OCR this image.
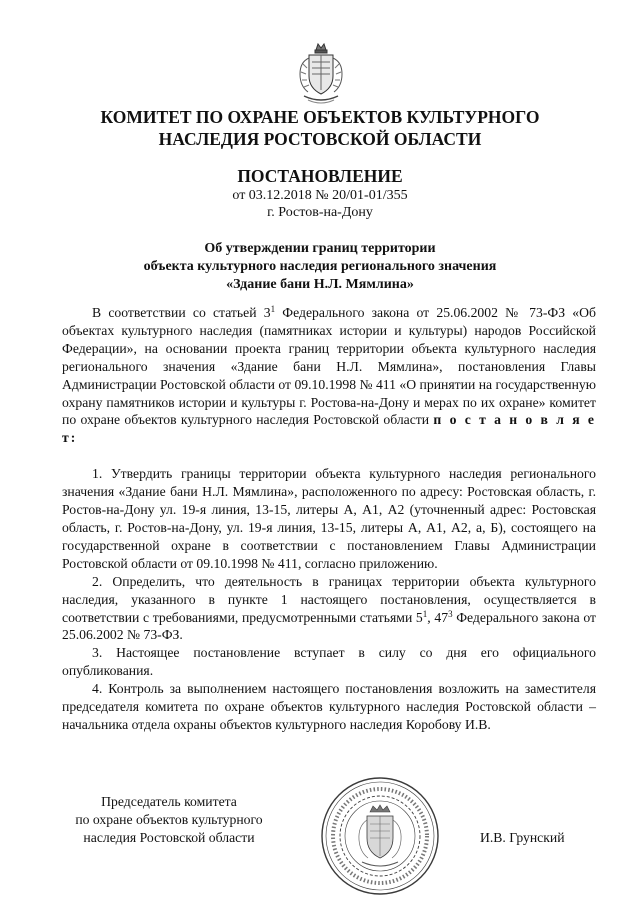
КОМИТЕТ ПО ОХРАНЕ ОБЪЕКТОВ КУЛЬТУРНОГО
НАСЛЕДИЯ РОСТОВСКОЙ ОБЛАСТИ
ПОСТАНОВЛЕНИЕ
от 03.12.2018 № 20/01-01/355
г. Ростов-на-Дону
Об утверждении границ территории
объекта культурного наследия регионального значения
«Здание бани Н.Л. Мямлина»

В соответствии со статьей $3^1$ Федерального закона от 25.06.2002 № 73-ФЗ «Об объектах культурного наследия (памятниках истории и культуры) народов Российской Федерации», на основании проекта границ территории объекта культурного наследия регионального значения «Здание бани Н.Л. Мямлина», постановления Главы Администрации Ростовской области от 09.10.1998 № 411 «О принятии на государственную охрану памятников истории и культуры г. Ростова-на-Дону и мерах по их охране» комитет по охране объектов культурного наследия Ростовской области п о с т а н о в л я е т:

1. Утвердить границы территории объекта культурного наследия регионального значения «Здание бани Н.Л. Мямлина», расположенного по адресу: Ростовская область, г. Ростов-на-Дону ул. 19-я линия, 13-15, литеры А, А1, А2 (уточненный адрес: Ростовская область, г. Ростов-на-Дону, ул. 19-я линия, 13-15, литеры А, А1, А2, а, Б), состоящего на государственной охране в соответствии с постановлением Главы Администрации Ростовской области от 09.10.1998 № 411, согласно приложению.

2. Определить, что деятельность в границах территории объекта культурного наследия, указанного в пункте 1 настоящего постановления, осуществляется в соответствии с требованиями, предусмотренными статьями $5^1$, $47^3$ Федерального закона от 25.06.2002 № 73-ФЗ.

3. Настоящее постановление вступает в силу со дня его официального опубликования.

4. Контроль за выполнением настоящего постановления возложить на заместителя председателя комитета по охране объектов культурного наследия Ростовской области – начальника отдела охраны объектов культурного наследия Коробову И.В.

Председатель комитета
по охране объектов культурного
наследия Ростовской области	И.В. Грунский
